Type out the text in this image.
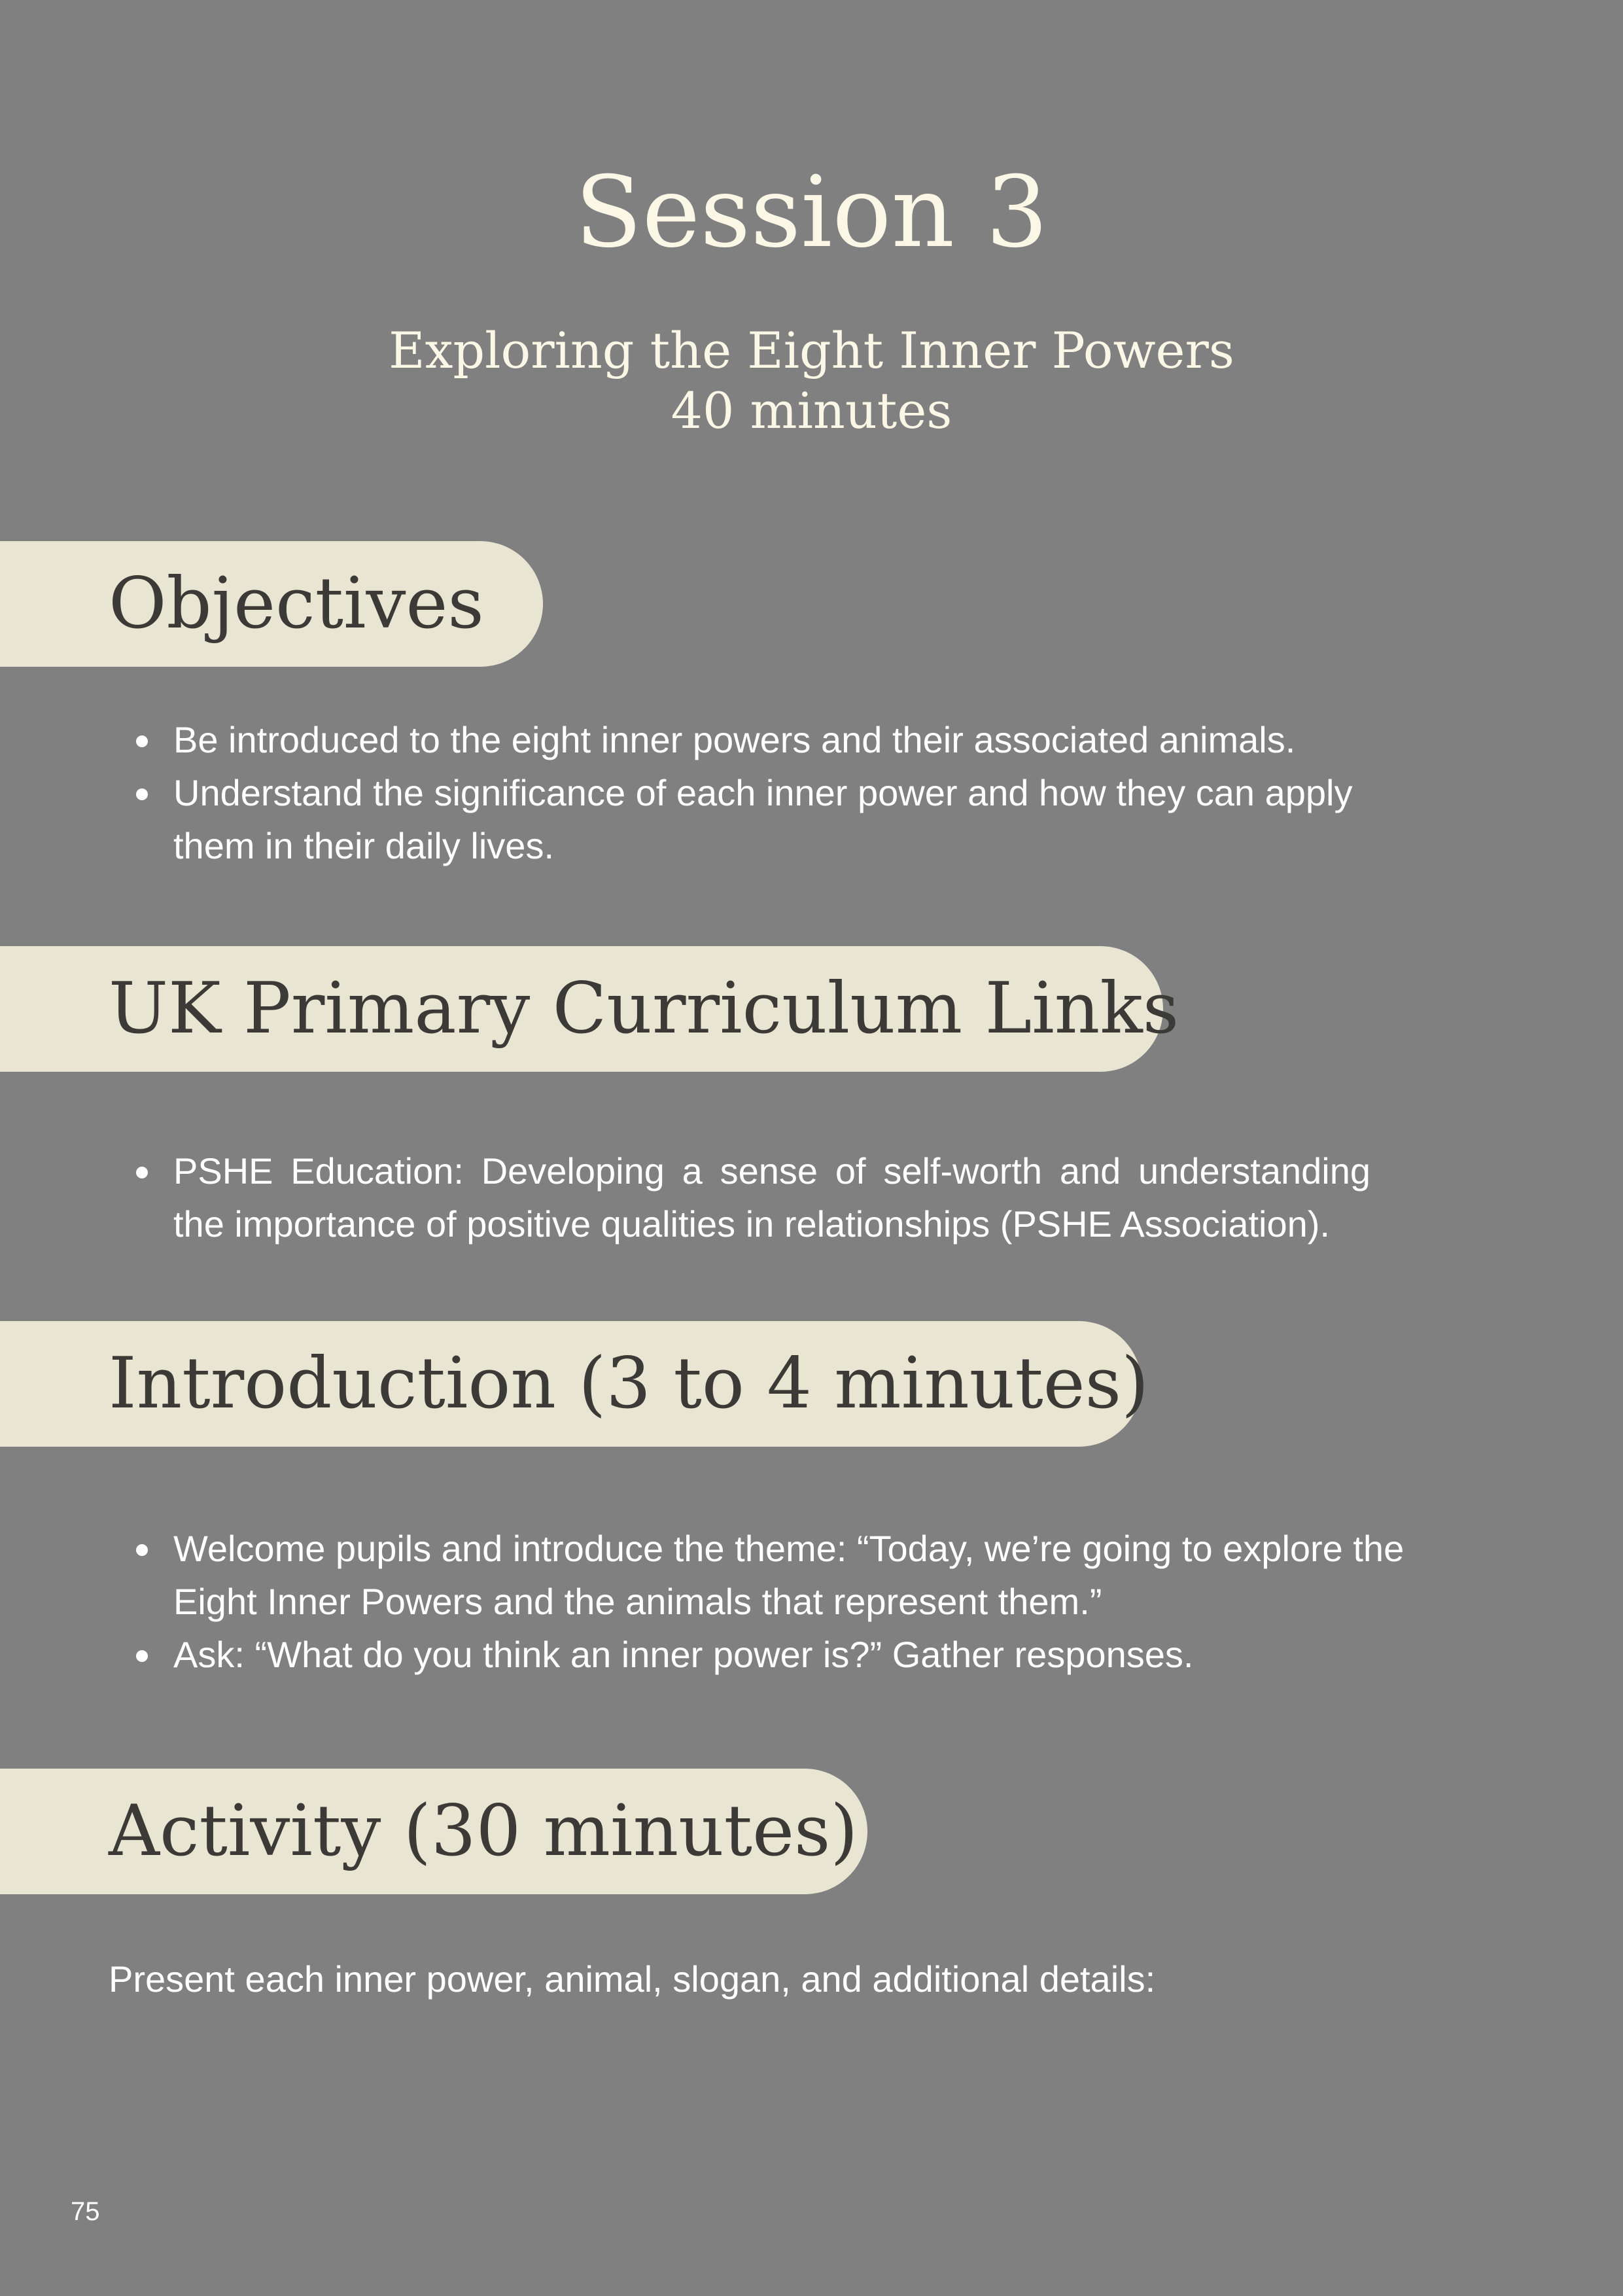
Session 3
Exploring the Eight Inner Powers
40 minutes
Objectives
Be introduced to the eight inner powers and their associated animals.
Understand the significance of each inner power and how they can apply them in their daily lives.
UK Primary Curriculum Links
PSHE Education: Developing a sense of self-worth and understanding the importance of positive qualities in relationships (PSHE Association).
Introduction (3 to 4 minutes)
Welcome pupils and introduce the theme: “Today, we’re going to explore the Eight Inner Powers and the animals that represent them.”
Ask: “What do you think an inner power is?” Gather responses.
Activity (30 minutes)
Present each inner power, animal, slogan, and additional details:
75
